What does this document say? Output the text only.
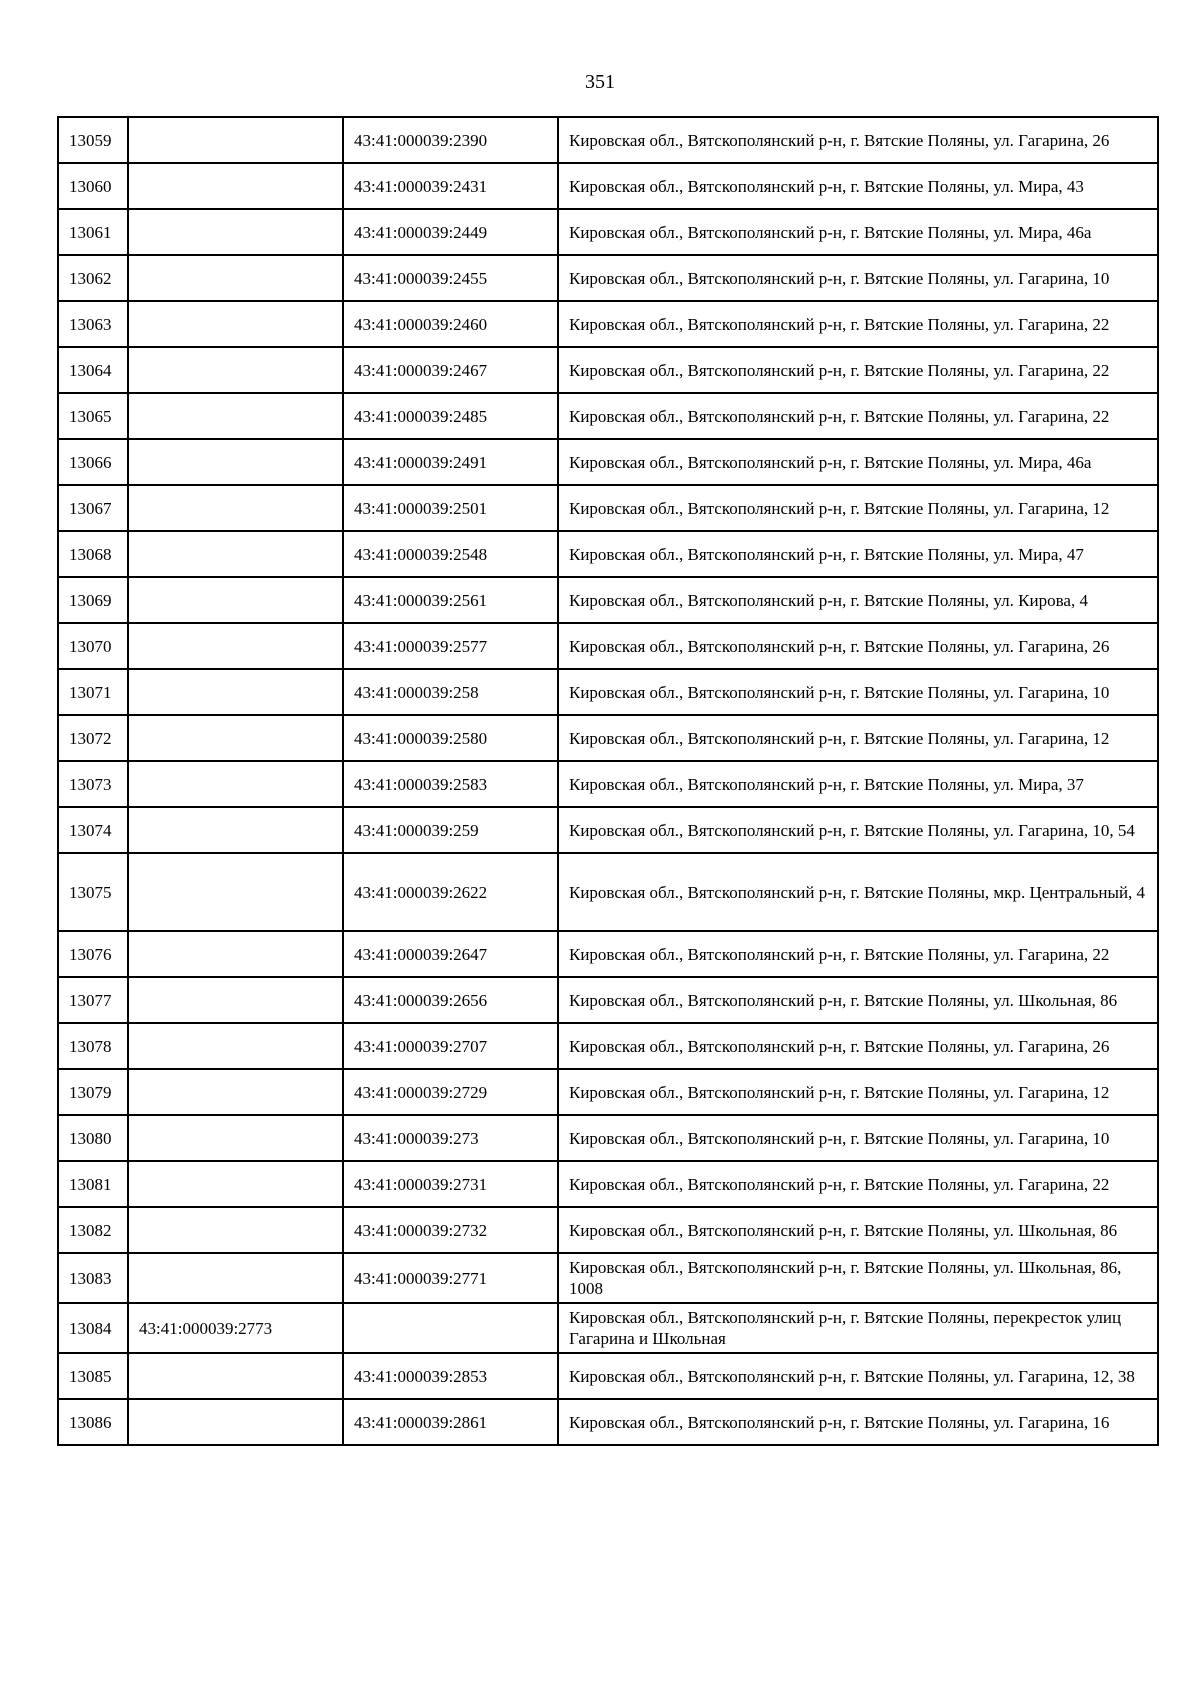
351
13059		43:41:000039:2390	Кировская обл., Вятскополянский р-н, г. Вятские Поляны, ул. Гагарина, 26
13060		43:41:000039:2431	Кировская обл., Вятскополянский р-н, г. Вятские Поляны, ул. Мира, 43
13061		43:41:000039:2449	Кировская обл., Вятскополянский р-н, г. Вятские Поляны, ул. Мира, 46а
13062		43:41:000039:2455	Кировская обл., Вятскополянский р-н, г. Вятские Поляны, ул. Гагарина, 10
13063		43:41:000039:2460	Кировская обл., Вятскополянский р-н, г. Вятские Поляны, ул. Гагарина, 22
13064		43:41:000039:2467	Кировская обл., Вятскополянский р-н, г. Вятские Поляны, ул. Гагарина, 22
13065		43:41:000039:2485	Кировская обл., Вятскополянский р-н, г. Вятские Поляны, ул. Гагарина, 22
13066		43:41:000039:2491	Кировская обл., Вятскополянский р-н, г. Вятские Поляны, ул. Мира, 46а
13067		43:41:000039:2501	Кировская обл., Вятскополянский р-н, г. Вятские Поляны, ул. Гагарина, 12
13068		43:41:000039:2548	Кировская обл., Вятскополянский р-н, г. Вятские Поляны, ул. Мира, 47
13069		43:41:000039:2561	Кировская обл., Вятскополянский р-н, г. Вятские Поляны, ул. Кирова, 4
13070		43:41:000039:2577	Кировская обл., Вятскополянский р-н, г. Вятские Поляны, ул. Гагарина, 26
13071		43:41:000039:258	Кировская обл., Вятскополянский р-н, г. Вятские Поляны, ул. Гагарина, 10
13072		43:41:000039:2580	Кировская обл., Вятскополянский р-н, г. Вятские Поляны, ул. Гагарина, 12
13073		43:41:000039:2583	Кировская обл., Вятскополянский р-н, г. Вятские Поляны, ул. Мира, 37
13074		43:41:000039:259	Кировская обл., Вятскополянский р-н, г. Вятские Поляны, ул. Гагарина, 10, 54
13075		43:41:000039:2622	Кировская обл., Вятскополянский р-н, г. Вятские Поляны, мкр. Центральный, 4
13076		43:41:000039:2647	Кировская обл., Вятскополянский р-н, г. Вятские Поляны, ул. Гагарина, 22
13077		43:41:000039:2656	Кировская обл., Вятскополянский р-н, г. Вятские Поляны, ул. Школьная, 86
13078		43:41:000039:2707	Кировская обл., Вятскополянский р-н, г. Вятские Поляны, ул. Гагарина, 26
13079		43:41:000039:2729	Кировская обл., Вятскополянский р-н, г. Вятские Поляны, ул. Гагарина, 12
13080		43:41:000039:273	Кировская обл., Вятскополянский р-н, г. Вятские Поляны, ул. Гагарина, 10
13081		43:41:000039:2731	Кировская обл., Вятскополянский р-н, г. Вятские Поляны, ул. Гагарина, 22
13082		43:41:000039:2732	Кировская обл., Вятскополянский р-н, г. Вятские Поляны, ул. Школьная, 86
13083		43:41:000039:2771	Кировская обл., Вятскополянский р-н, г. Вятские Поляны, ул. Школьная, 86, 1008
13084	43:41:000039:2773		Кировская обл., Вятскополянский р-н, г. Вятские Поляны, перекресток улиц Гагарина и Школьная
13085		43:41:000039:2853	Кировская обл., Вятскополянский р-н, г. Вятские Поляны, ул. Гагарина, 12, 38
13086		43:41:000039:2861	Кировская обл., Вятскополянский р-н, г. Вятские Поляны, ул. Гагарина, 16
